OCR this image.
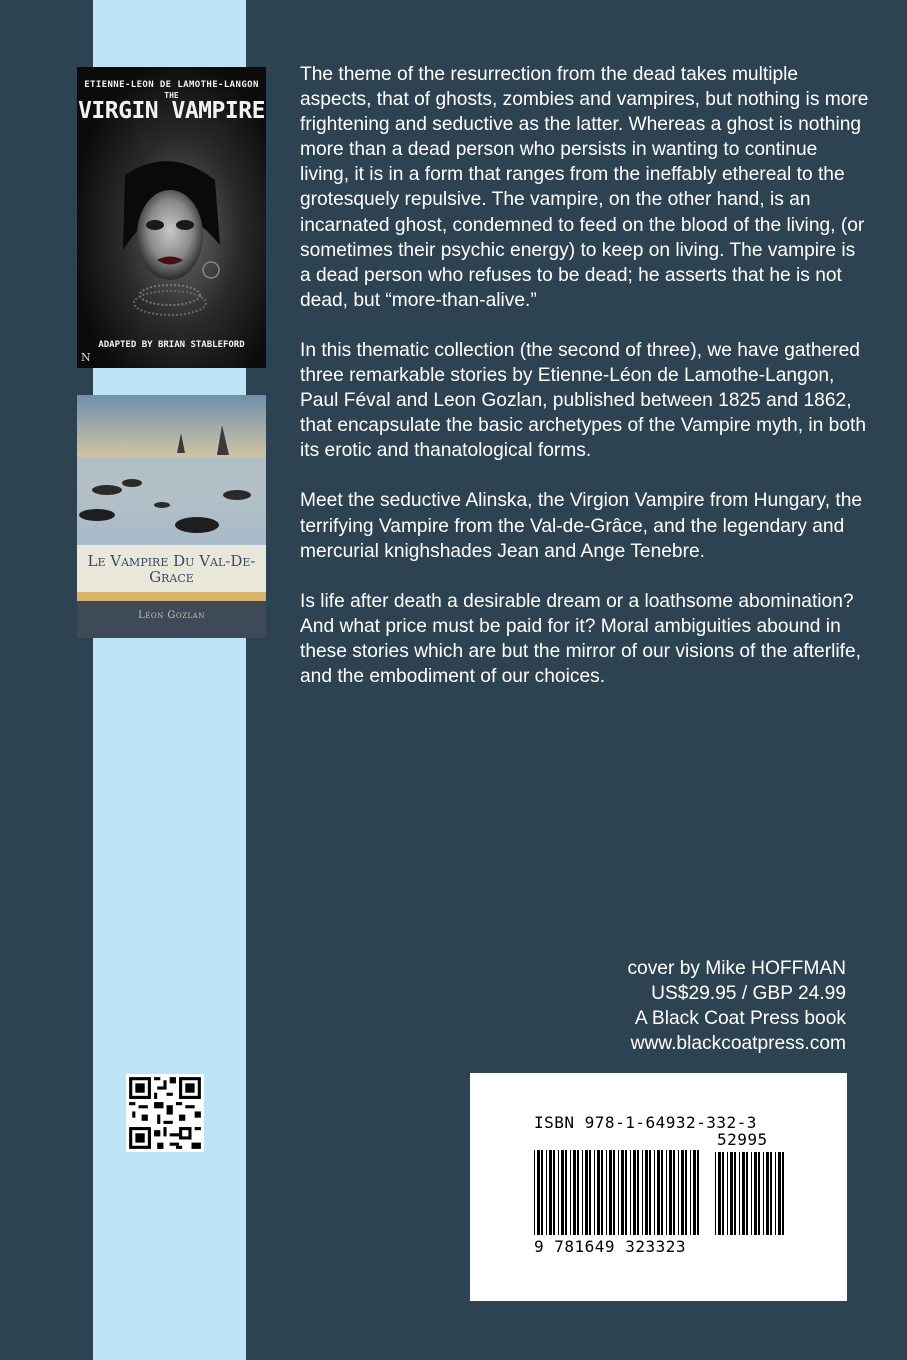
ETIENNE-LEON DE LAMOTHE-LANGON
THE
VIRGIN VAMPIRE
ADAPTED BY BRIAN STABLEFORD
N
Le Vampire Du Val-De-Grace
Léon Gozlan

The theme of the resurrection from the dead takes multiple aspects, that of ghosts, zombies and vampires, but nothing is more frightening and seductive as the latter. Whereas a ghost is nothing more than a dead person who persists in wanting to continue living, it is in a form that ranges from the ineffably ethereal to the grotesquely repulsive. The vampire, on the other hand, is an incarnated ghost, condemned to feed on the blood of the living, (or sometimes their psychic energy) to keep on living. The vampire is a dead person who refuses to be dead; he asserts that he is not dead, but “more-than-alive.”

In this thematic collection (the second of three), we have gathered three remarkable stories by Etienne-Léon de Lamothe-Langon, Paul Féval and Leon Gozlan, published between 1825 and 1862, that encapsulate the basic archetypes of the Vampire myth, in both its erotic and thanatological forms.

Meet the seductive Alinska, the Virgion Vampire from Hungary, the terrifying Vampire from the Val-de-Grâce, and the legendary and mercurial knighshades Jean and Ange Tenebre.

Is life after death a desirable dream or a loathsome abomination? And what price must be paid for it? Moral ambiguities abound in these stories which are but the mirror of our visions of the afterlife, and the embodiment of our choices.

cover by Mike HOFFMAN
US$29.95 / GBP 24.99
A Black Coat Press book
www.blackcoatpress.com
ISBN 978-1-64932-332-3
52995
9 781649 323323
